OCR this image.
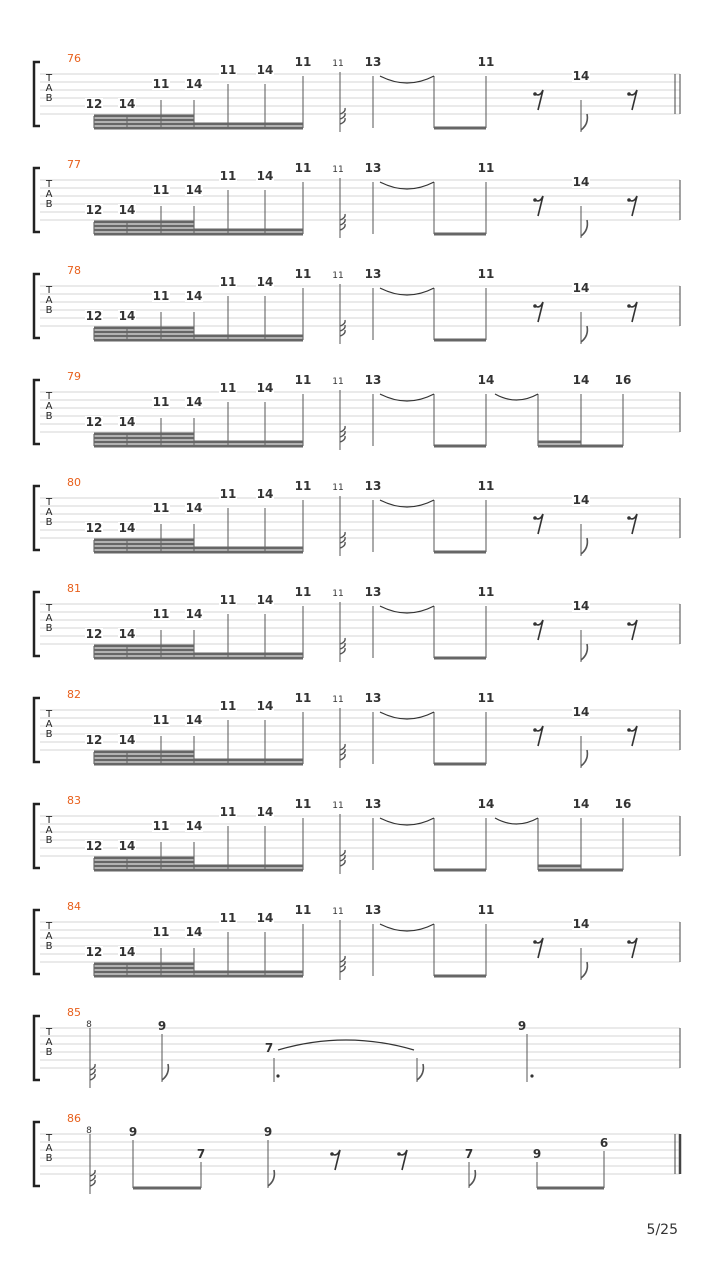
T
A
B
76
12 14
11 14
11 14
11 11 13	11
14
T
A
B
77
12 14
11 14
11 14
11 11 13	11
14
T
A
B
78
12 14
11 14
11 14
11 11 13	11
14
T
A
B
79
12 14
11 14
11 14
11 11 13	14	14 16
T
A
B
80
12 14
11 14
11 14
11 11 13	11
14
T
A
B
81
12 14
11 14
11 14
11 11 13	11
14
T
A
B
82
12 14
11 14
11 14
11 11 13	11
14
T
A
B
83
12 14
11 14
11 14
11 11 13	14	14 16
T
A
B
84
12 14
11 14
11 14
11 11 13	11
14
T
A
B
85
8	9
7
9
T
A
B
86
8	9
7
9
7	9
6
5/25
